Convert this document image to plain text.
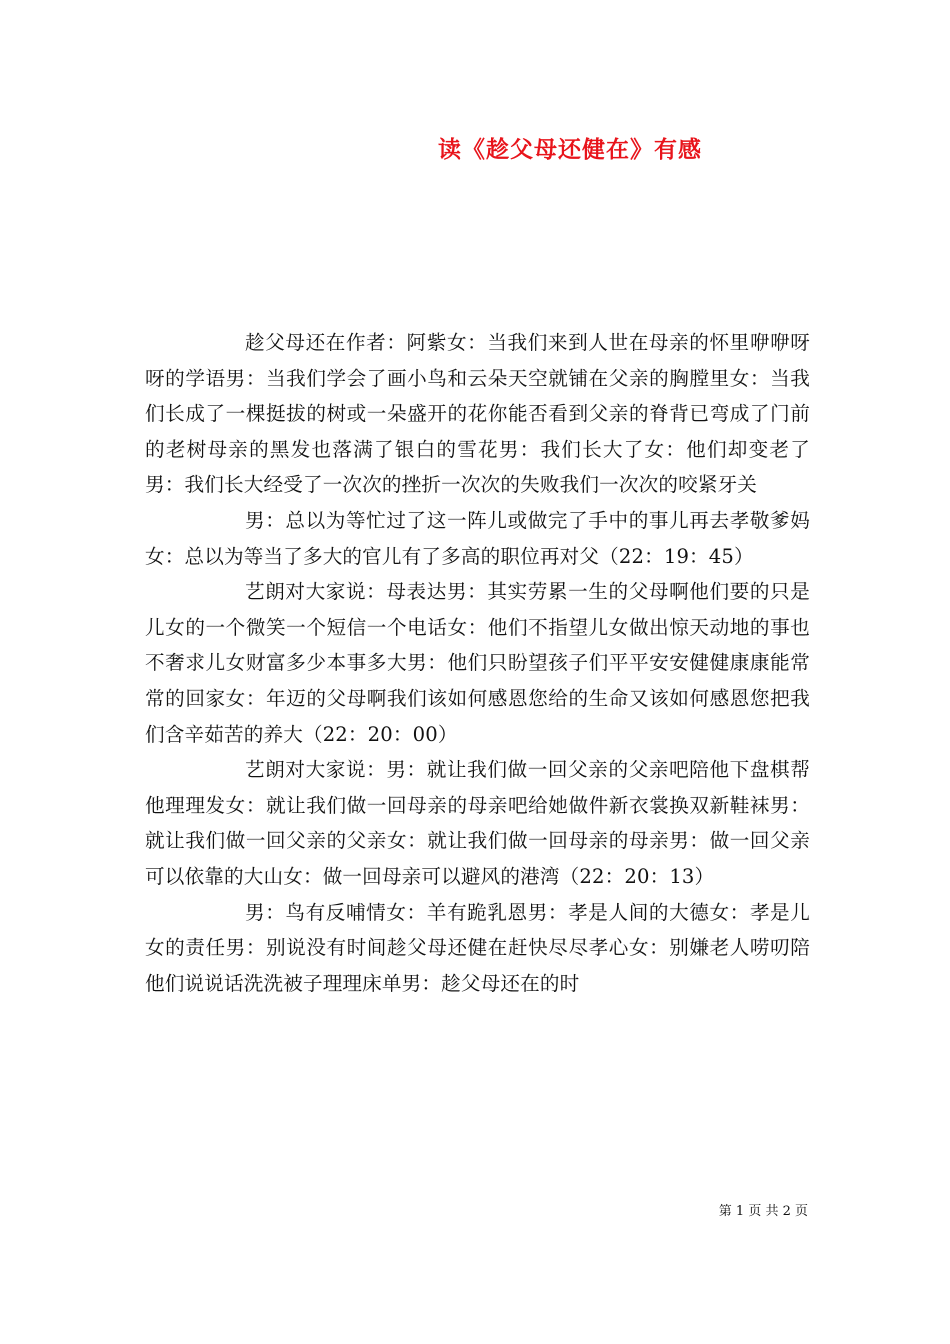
读《趁父母还健在》有感

趁父母还在作者：阿紫女：当我们来到人世在母亲的怀里咿咿呀呀的学语男：当我们学会了画小鸟和云朵天空就铺在父亲的胸膛里女：当我们长成了一棵挺拔的树或一朵盛开的花你能否看到父亲的脊背已弯成了门前的老树母亲的黑发也落满了银白的雪花男：我们长大了女：他们却变老了男：我们长大经受了一次次的挫折一次次的失败我们一次次的咬紧牙关

男：总以为等忙过了这一阵儿或做完了手中的事儿再去孝敬爹妈女：总以为等当了多大的官儿有了多高的职位再对父（22：19：45）

艺朗对大家说：母表达男：其实劳累一生的父母啊他们要的只是儿女的一个微笑一个短信一个电话女：他们不指望儿女做出惊天动地的事也不奢求儿女财富多少本事多大男：他们只盼望孩子们平平安安健健康康能常常的回家女：年迈的父母啊我们该如何感恩您给的生命又该如何感恩您把我们含辛茹苦的养大（22：20：00）

艺朗对大家说：男：就让我们做一回父亲的父亲吧陪他下盘棋帮他理理发女：就让我们做一回母亲的母亲吧给她做件新衣裳换双新鞋袜男：就让我们做一回父亲的父亲女：就让我们做一回母亲的母亲男：做一回父亲可以依靠的大山女：做一回母亲可以避风的港湾（22：20：13）

男：鸟有反哺情女：羊有跪乳恩男：孝是人间的大德女：孝是儿女的责任男：别说没有时间趁父母还健在赶快尽尽孝心女：别嫌老人唠叨陪他们说说话洗洗被子理理床单男：趁父母还在的时

第 1 页 共 2 页
